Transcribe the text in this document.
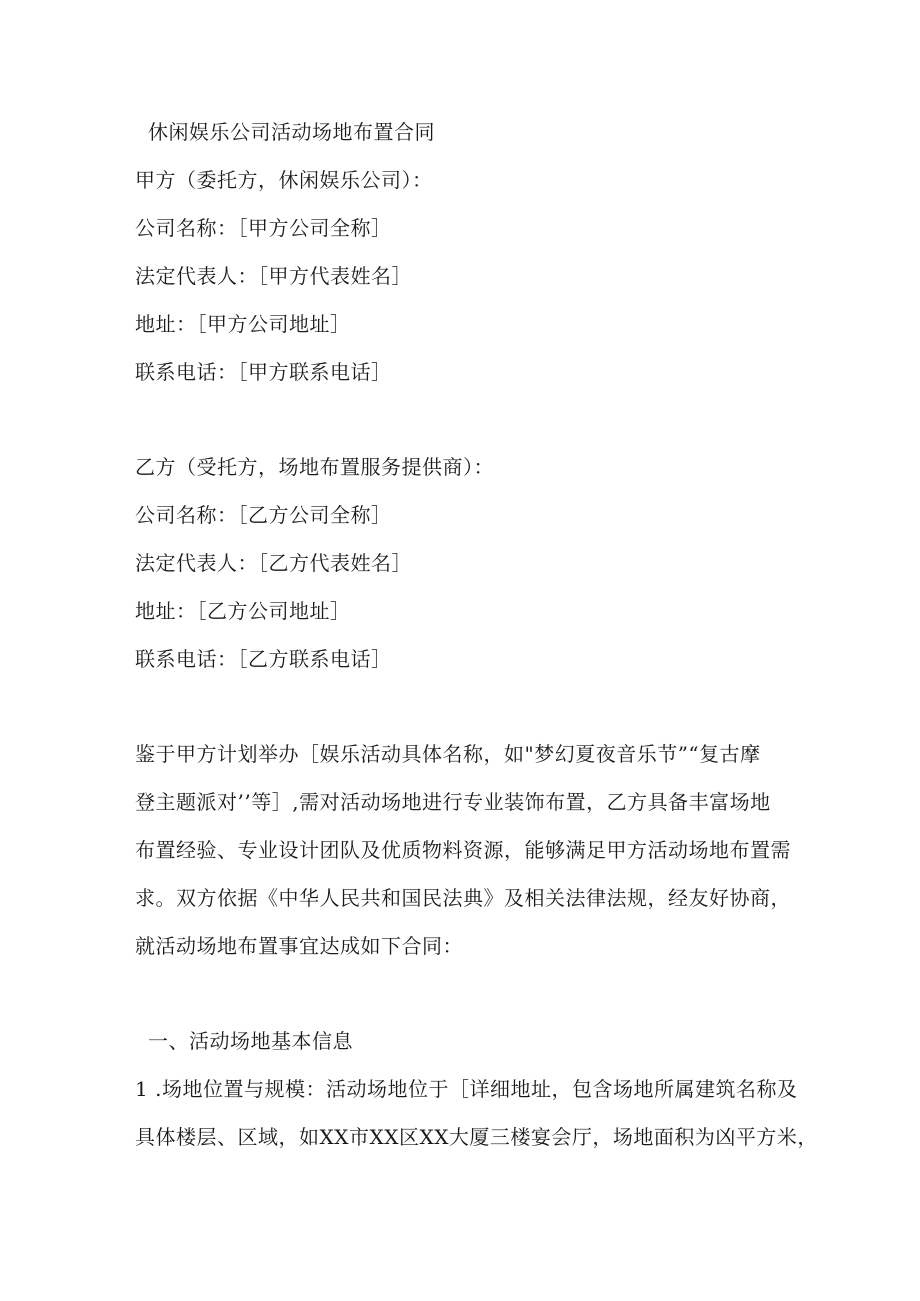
休闲娱乐公司活动场地布置合同
甲方（委托方，休闲娱乐公司）：
公司名称：［甲方公司全称］
法定代表人：［甲方代表姓名］
地址：［甲方公司地址］
联系电话：［甲方联系电话］
乙方（受托方，场地布置服务提供商）：
公司名称：［乙方公司全称］
法定代表人：［乙方代表姓名］
地址：［乙方公司地址］
联系电话：［乙方联系电话］
鉴于甲方计划举办［娱乐活动具体名称，如"梦幻夏夜音乐节”“复古摩
登主题派对’’等］,需对活动场地进行专业装饰布置，乙方具备丰富场地
布置经验、专业设计团队及优质物料资源，能够满足甲方活动场地布置需
求。双方依据《中华人民共和国民法典》及相关法律法规，经友好协商，
就活动场地布置事宜达成如下合同：
一、活动场地基本信息
1 .场地位置与规模：活动场地位于［详细地址，包含场地所属建筑名称及
具体楼层、区域，如XX市XX区XX大厦三楼宴会厅，场地面积为凶平方米，
